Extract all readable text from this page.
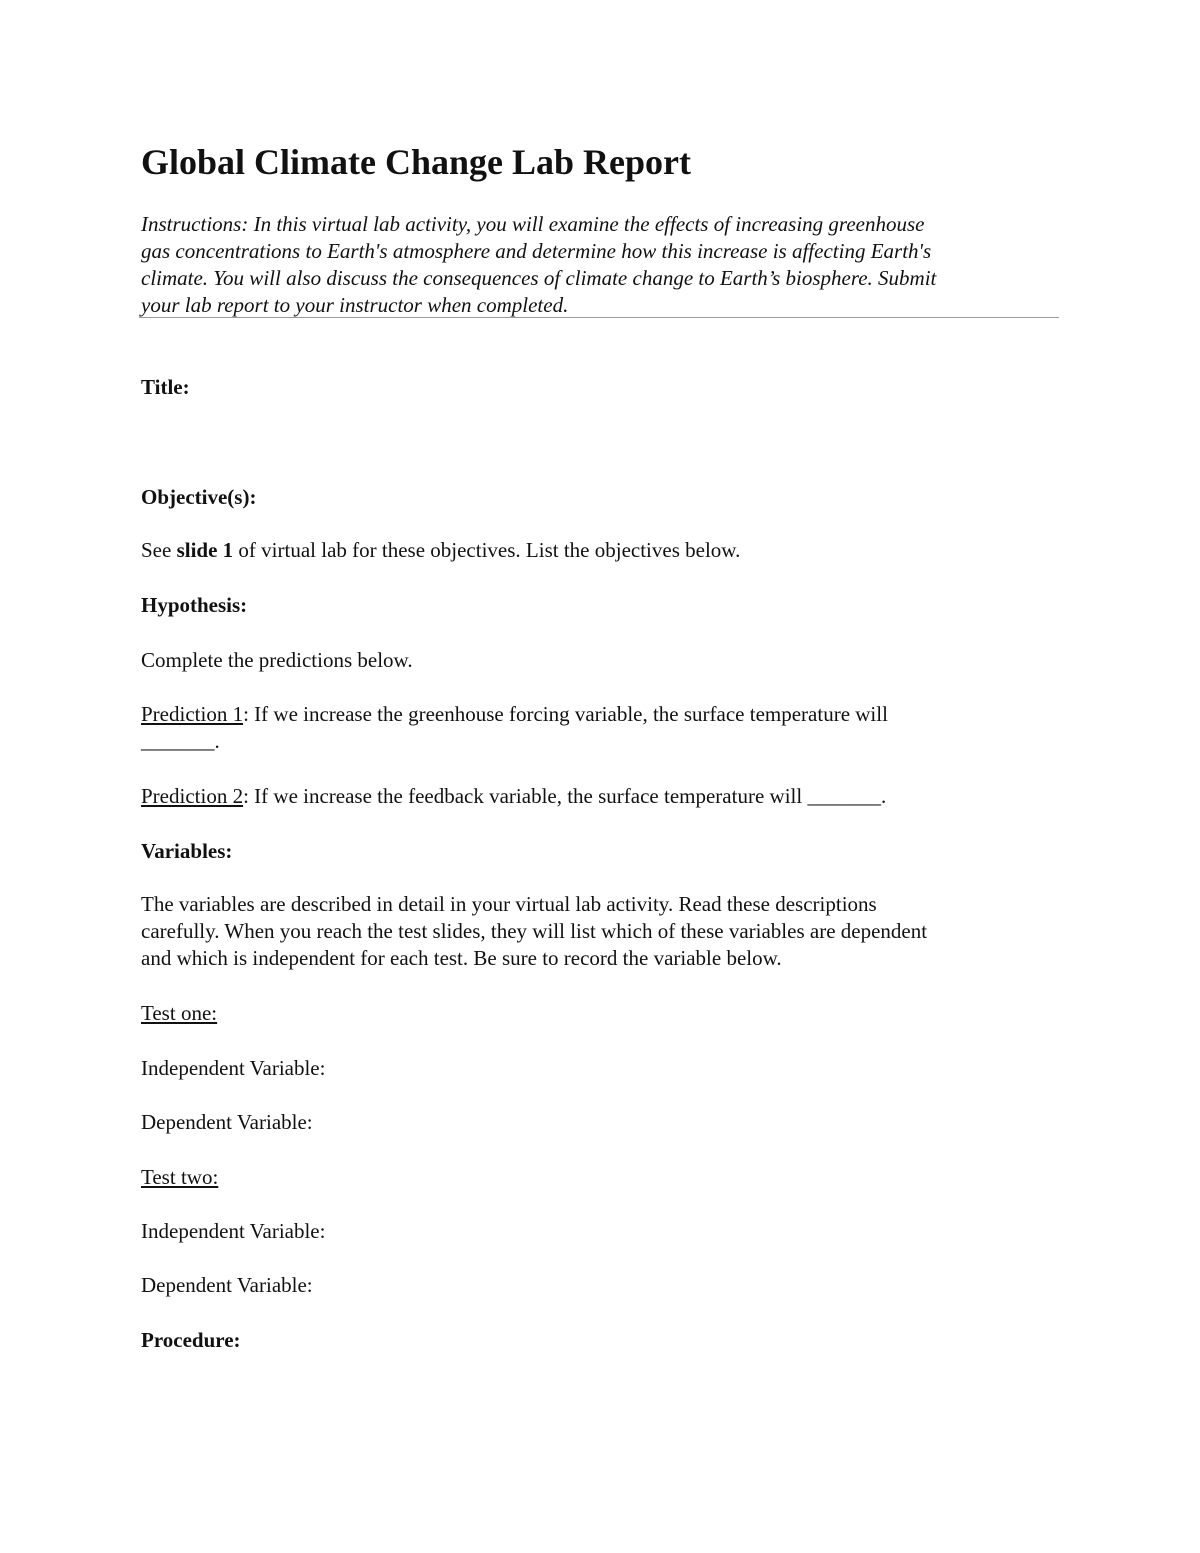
Global Climate Change Lab Report

Instructions: In this virtual lab activity, you will examine the effects of increasing greenhouse
gas concentrations to Earth's atmosphere and determine how this increase is affecting Earth's
climate. You will also discuss the consequences of climate change to Earth’s biosphere. Submit
your lab report to your instructor when completed.

Title:

Objective(s):

See slide 1 of virtual lab for these objectives. List the objectives below.

Hypothesis:

Complete the predictions below.

Prediction 1: If we increase the greenhouse forcing variable, the surface temperature will

_______.

Prediction 2: If we increase the feedback variable, the surface temperature will _______.

Variables:

The variables are described in detail in your virtual lab activity. Read these descriptions

carefully. When you reach the test slides, they will list which of these variables are dependent

and which is independent for each test. Be sure to record the variable below.

Test one:

Independent Variable:

Dependent Variable:

Test two:

Independent Variable:

Dependent Variable:

Procedure:
